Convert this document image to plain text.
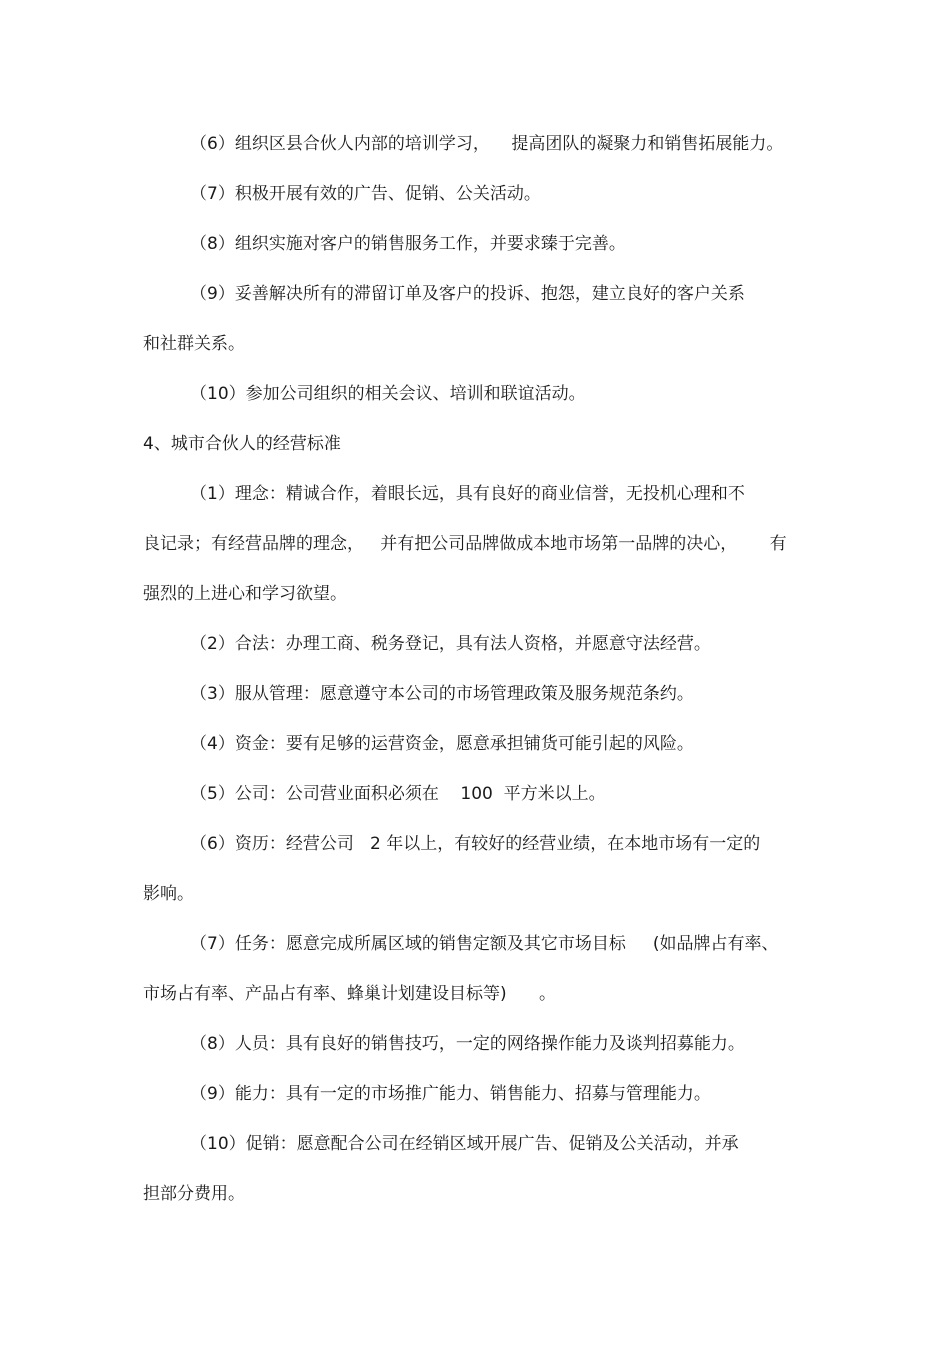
（6）组织区县合伙人内部的培训学习，    提高团队的凝聚力和销售拓展能力。
（7）积极开展有效的广告、促销、公关活动。
（8）组织实施对客户的销售服务工作，并要求臻于完善。
（9）妥善解决所有的滞留订单及客户的投诉、抱怨，建立良好的客户关系
和社群关系。
（10）参加公司组织的相关会议、培训和联谊活动。
4、城市合伙人的经营标准
（1）理念：精诚合作，着眼长远，具有良好的商业信誉，无投机心理和不
良记录；有经营品牌的理念，   并有把公司品牌做成本地市场第一品牌的决心，      有
强烈的上进心和学习欲望。
（2）合法：办理工商、税务登记，具有法人资格，并愿意守法经营。
（3）服从管理：愿意遵守本公司的市场管理政策及服务规范条约。
（4）资金：要有足够的运营资金，愿意承担铺货可能引起的风险。
（5）公司：公司营业面积必须在    100  平方米以上。
（6）资历：经营公司   2 年以上，有较好的经营业绩，在本地市场有一定的
影响。
（7）任务：愿意完成所属区域的销售定额及其它市场目标     (如品牌占有率、
市场占有率、产品占有率、蜂巢计划建设目标等)      。
（8）人员：具有良好的销售技巧，一定的网络操作能力及谈判招募能力。
（9）能力：具有一定的市场推广能力、销售能力、招募与管理能力。
（10）促销：愿意配合公司在经销区域开展广告、促销及公关活动，并承
担部分费用。
